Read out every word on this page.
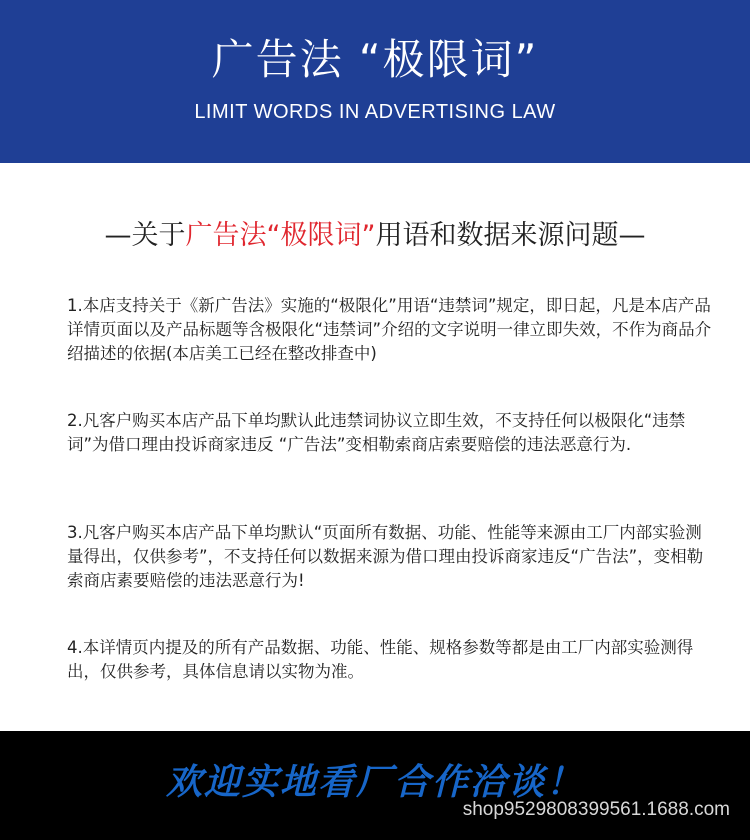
广告法 “极限词”
LIMIT WORDS IN ADVERTISING LAW
—关于广告法“极限词”用语和数据来源问题—
1.本店支持关于《新广告法》实施的“极限化”用语“违禁词”规定，即日起，凡是本店产品详情页面以及产品标题等含极限化“违禁词”介绍的文字说明一律立即失效，不作为商品介绍描述的依据(本店美工已经在整改排查中)
2.凡客户购买本店产品下单均默认此违禁词协议立即生效，不支持任何以极限化“违禁词”为借口理由投诉商家违反 “广告法”变相勒索商店索要赔偿的违法恶意行为.
3.凡客户购买本店产品下单均默认“页面所有数据、功能、性能等来源由工厂内部实验测量得出，仅供参考”，不支持任何以数据来源为借口理由投诉商家违反“广告法”，变相勒索商店素要赔偿的违法恶意行为!
4.本详情页内提及的所有产品数据、功能、性能、规格参数等都是由工厂内部实验测得出，仅供参考，具体信息请以实物为准。
欢迎实地看厂合作洽谈！
shop9529808399561.1688.com
